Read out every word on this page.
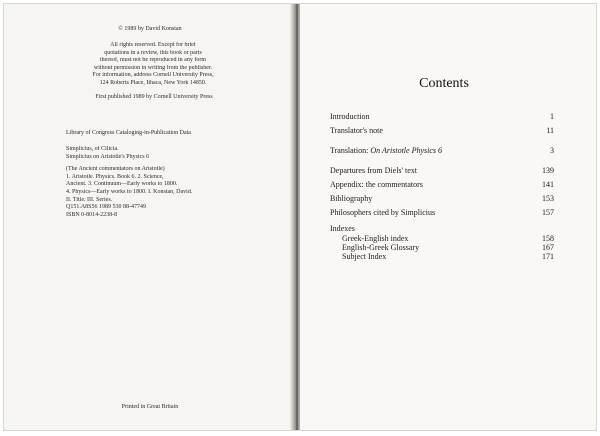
© 1989 by David Konstan
All rights reserved. Except for brief
quotations in a review, this book or parts
thereof, must not be reproduced in any form
without permission in writing from the publisher.
For information, address Cornell University Press,
124 Roberts Place, Ithaca, New York 14850.
First published 1989 by Cornell University Press
Library of Congress Cataloging-in-Publication Data
Simplicius, of Cilicia.
Simplicius on Aristotle's Physics 6
(The Ancient commentators on Aristotle)
1. Aristotle. Physics. Book 6. 2. Science,
Ancient. 3. Continuum—Early works to 1800.
4. Physics—Early works to 1800. I. Konstan, David.
II. Title. III. Series.
Q151.A8S56 1989 530 88-47749
ISBN 0-8014-2238-8
Printed in Great Britain
Contents
Introduction	1
Translator's note	11
Translation: On Aristotle Physics 6	3
Departures from Diels' text	139
Appendix: the commentators	141
Bibliography	153
Philosophers cited by Simplicius	157
Indexes
Greek-English index	158
English-Greek Glossary	167
Subject Index	171
